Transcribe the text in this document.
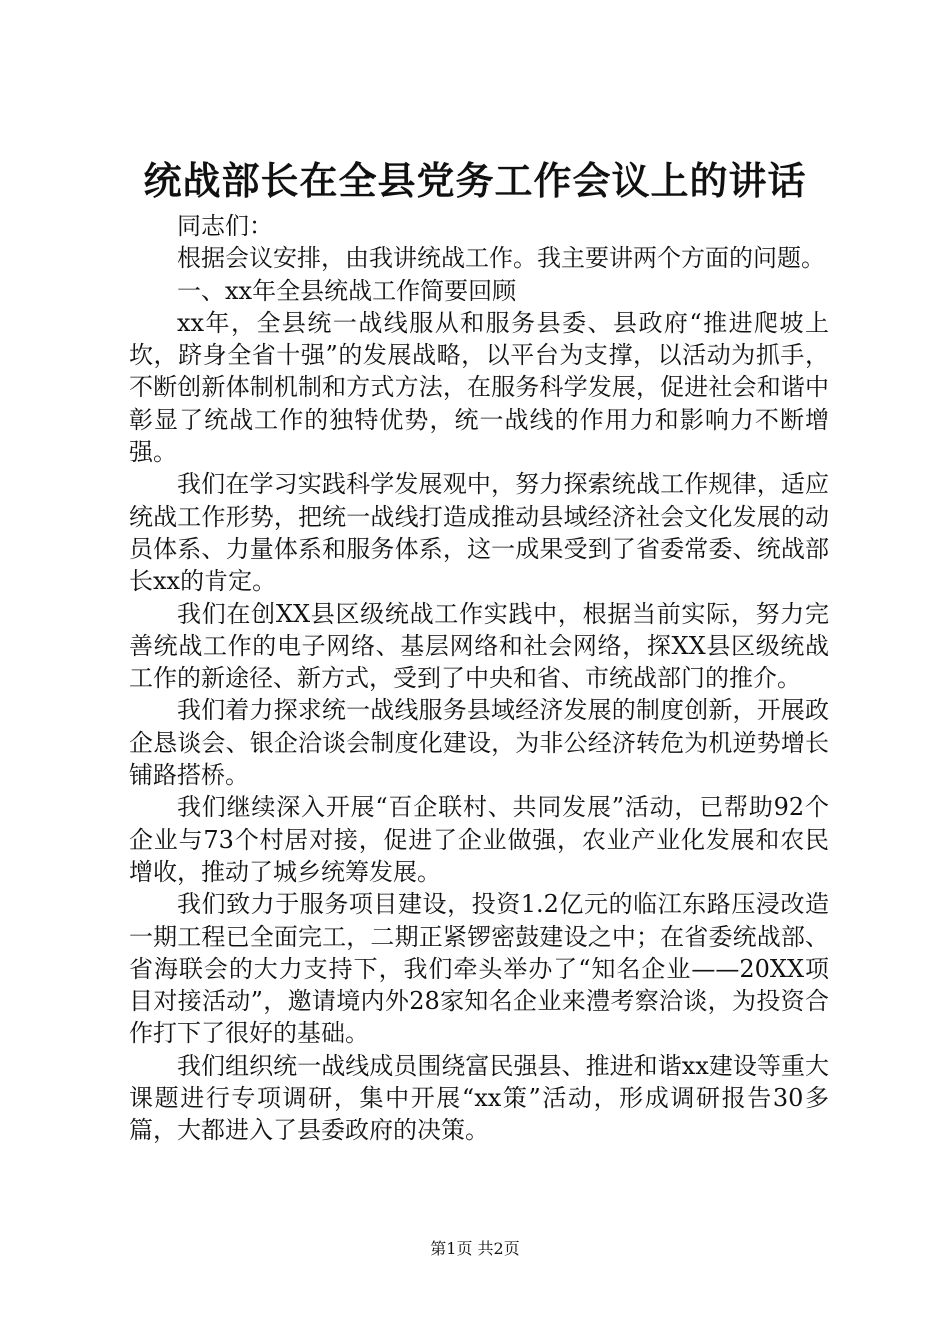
统战部长在全县党务工作会议上的讲话

同志们：

根据会议安排，由我讲统战工作。我主要讲两个方面的问题。

一、xx年全县统战工作简要回顾

xx年，全县统一战线服从和服务县委、县政府“推进爬坡上坎，跻身全省十强”的发展战略，以平台为支撑，以活动为抓手，不断创新体制机制和方式方法，在服务科学发展，促进社会和谐中彰显了统战工作的独特优势，统一战线的作用力和影响力不断增强。

我们在学习实践科学发展观中，努力探索统战工作规律，适应统战工作形势，把统一战线打造成推动县域经济社会文化发展的动员体系、力量体系和服务体系，这一成果受到了省委常委、统战部长xx的肯定。

我们在创XX县区级统战工作实践中，根据当前实际，努力完善统战工作的电子网络、基层网络和社会网络，探XX县区级统战工作的新途径、新方式，受到了中央和省、市统战部门的推介。

我们着力探求统一战线服务县域经济发展的制度创新，开展政企恳谈会、银企洽谈会制度化建设，为非公经济转危为机逆势增长铺路搭桥。

我们继续深入开展“百企联村、共同发展”活动，已帮助92个企业与73个村居对接，促进了企业做强，农业产业化发展和农民增收，推动了城乡统筹发展。

我们致力于服务项目建设，投资1.2亿元的临江东路压浸改造一期工程已全面完工，二期正紧锣密鼓建设之中；在省委统战部、省海联会的大力支持下，我们牵头举办了“知名企业——20XX项目对接活动”，邀请境内外28家知名企业来澧考察洽谈，为投资合作打下了很好的基础。

我们组织统一战线成员围绕富民强县、推进和谐xx建设等重大课题进行专项调研，集中开展“xx策”活动，形成调研报告30多篇，大都进入了县委政府的决策。

第1页 共2页
